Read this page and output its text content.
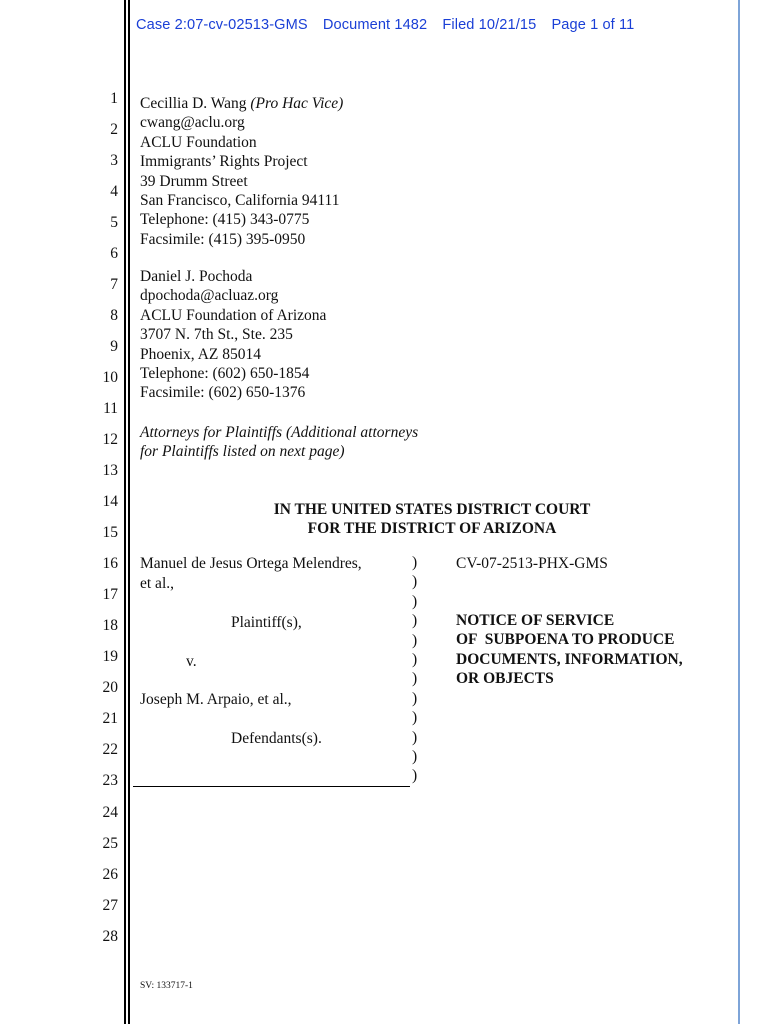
Case 2:07-cv-02513-GMS Document 1482 Filed 10/21/15 Page 1 of 11
1
2
3
4
5
6
7
8
9
10
11
12
13
14
15
16
17
18
19
20
21
22
23
24
25
26
27
28
Cecillia D. Wang (Pro Hac Vice)
cwang@aclu.org
ACLU Foundation
Immigrants’ Rights Project
39 Drumm Street
San Francisco, California 94111
Telephone: (415) 343-0775
Facsimile: (415) 395-0950
Daniel J. Pochoda
dpochoda@acluaz.org
ACLU Foundation of Arizona
3707 N. 7th St., Ste. 235
Phoenix, AZ 85014
Telephone: (602) 650-1854
Facsimile: (602) 650-1376
Attorneys for Plaintiffs (Additional attorneys
for Plaintiffs listed on next page)
IN THE UNITED STATES DISTRICT COURT
FOR THE DISTRICT OF ARIZONA
Manuel de Jesus Ortega Melendres,
et al.,
Plaintiff(s),
v.
Joseph M. Arpaio, et al.,
Defendants(s).
)
)
)
)
)
)
)
)
)
)
)
)
CV-07-2513-PHX-GMS
NOTICE OF SERVICE
OF  SUBPOENA TO PRODUCE
DOCUMENTS, INFORMATION,
OR OBJECTS
SV: 133717-1
